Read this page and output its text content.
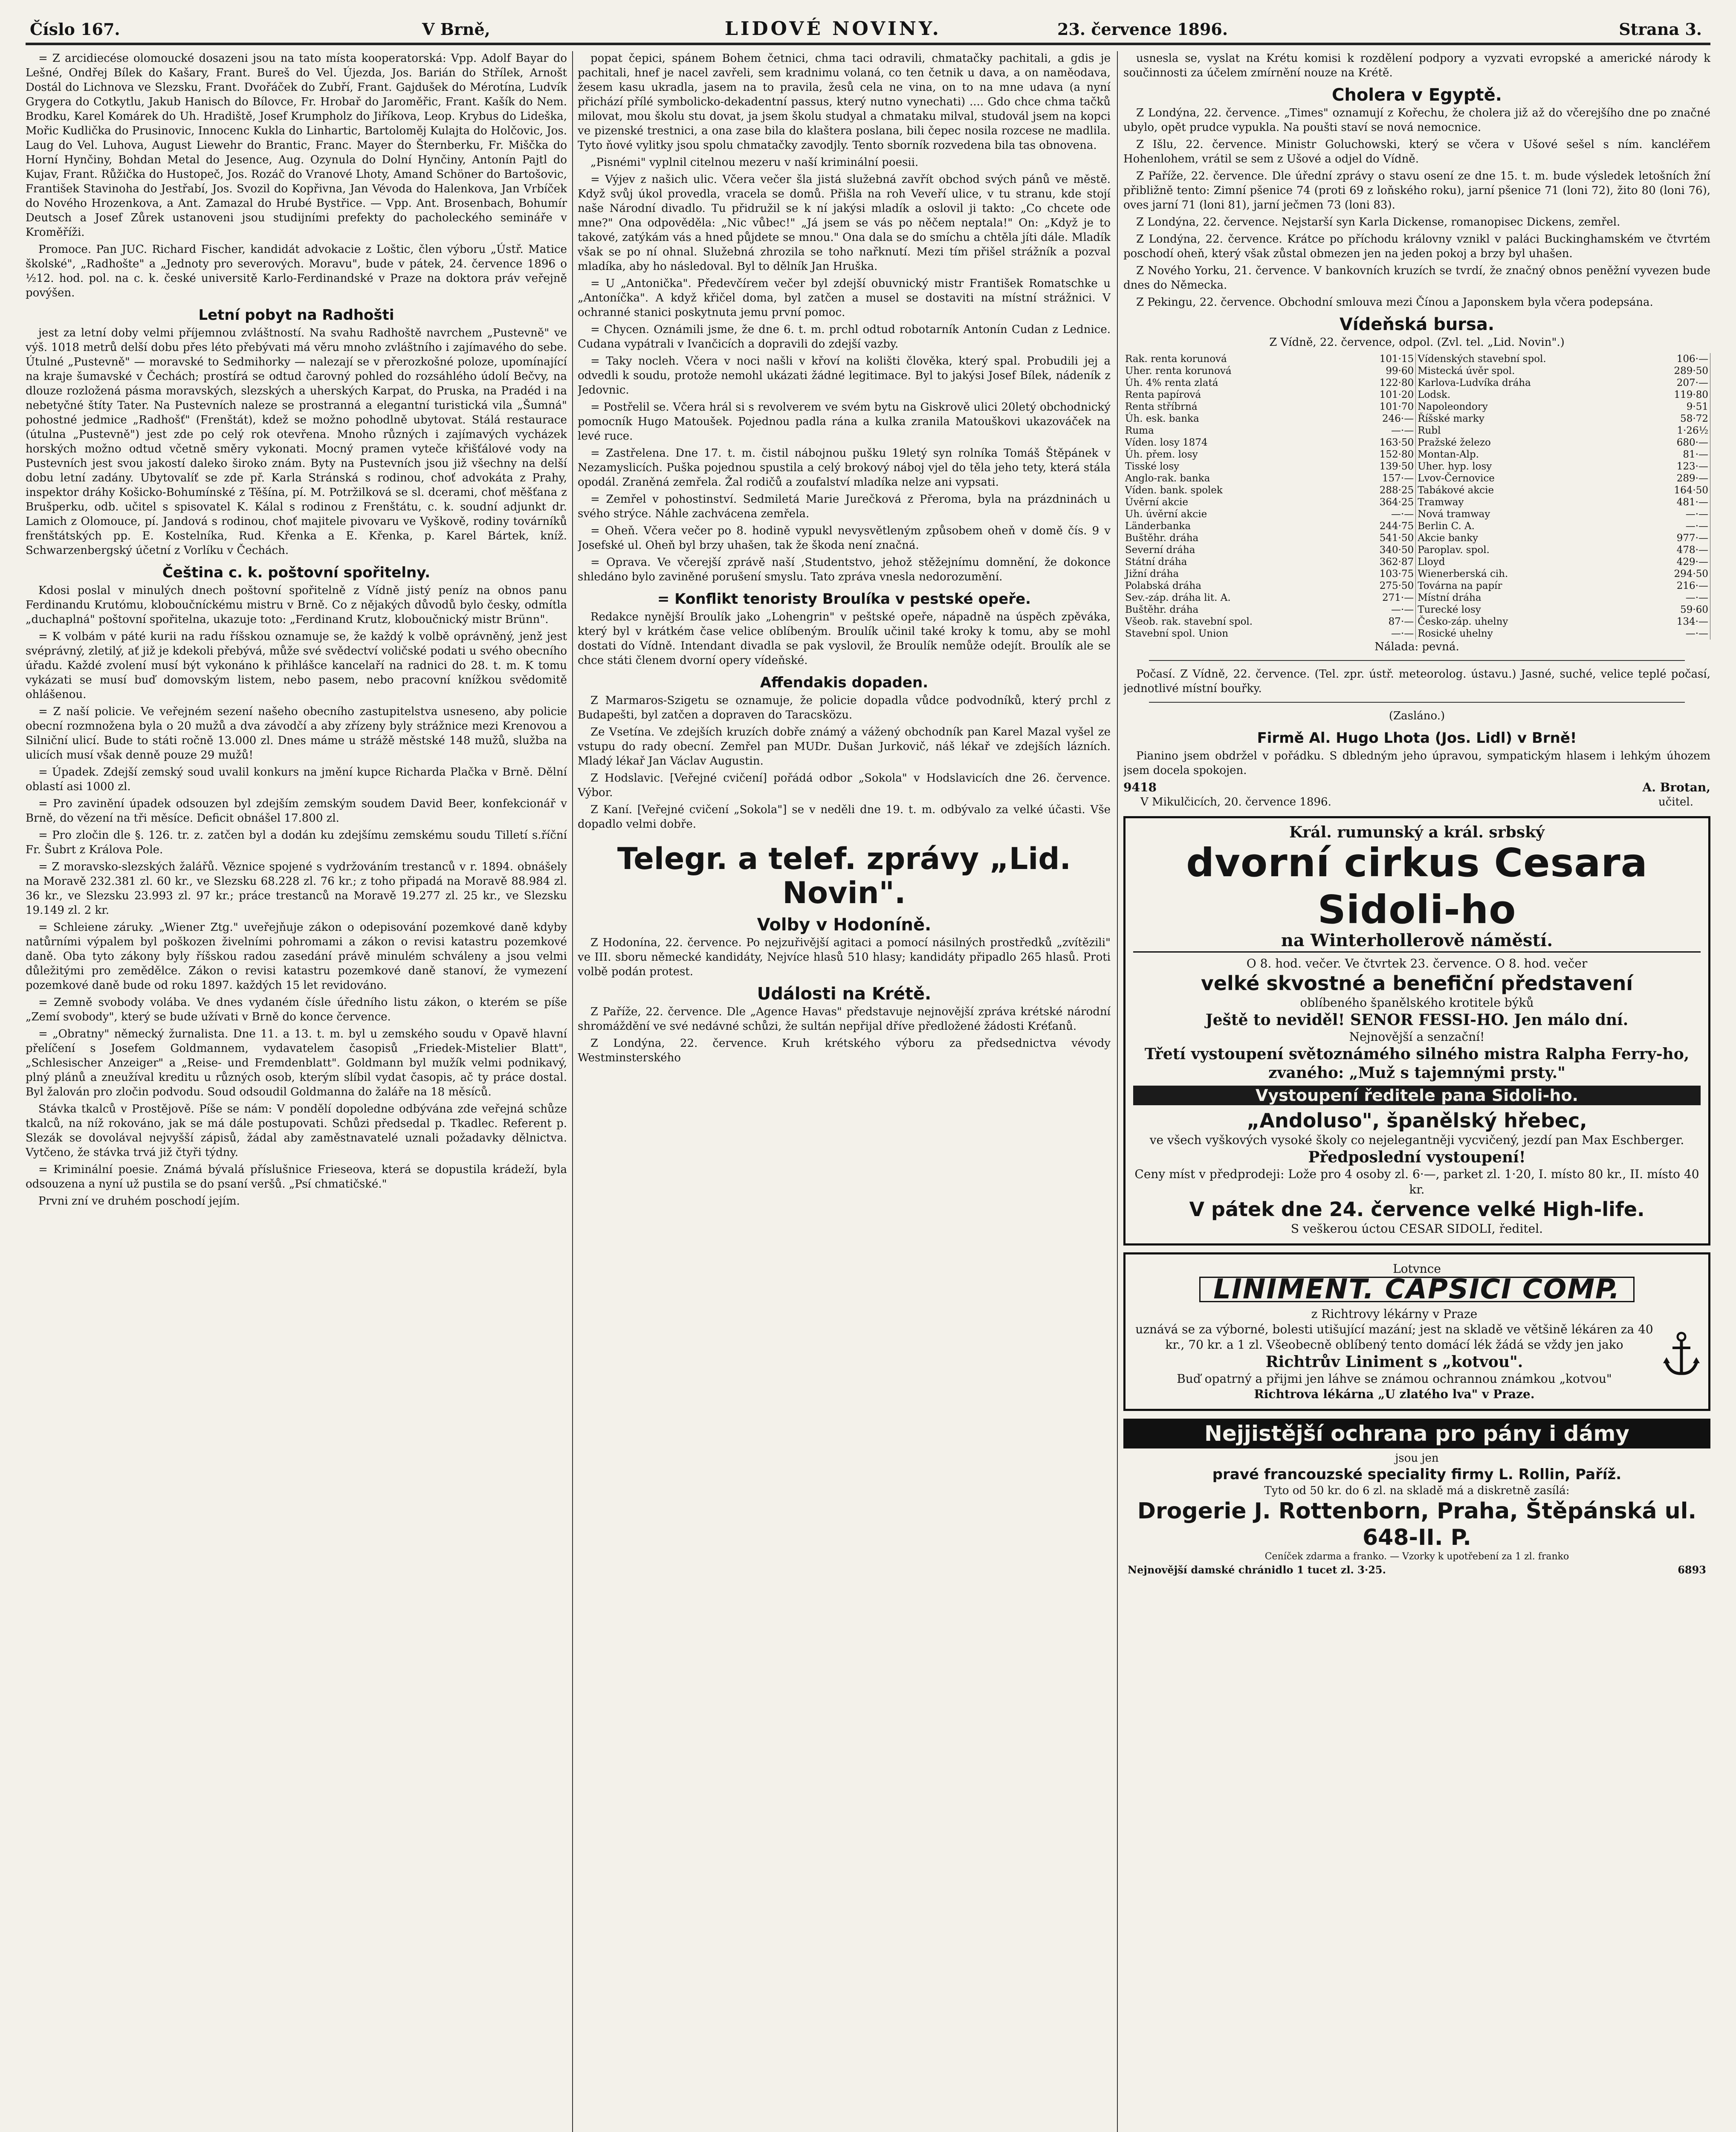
Číslo 167.	V Brně,	LIDOVÉ NOVINY.	23. července 1896.	Strana 3.

= Z arcidiecése olomoucké dosazeni jsou na tato místa kooperatorská: Vpp. Adolf Bayar do Lešné, Ondřej Bílek do Kašary, Frant. Bureš do Vel. Újezda, Jos. Barián do Střílek, Arnošt Dostál do Lichnova ve Slezsku, Frant. Dvořáček do Zubří, Frant. Gajdušek do Mérotína, Ludvík Grygera do Cotkytlu, Jakub Hanisch do Bílovce, Fr. Hrobař do Jaroměřic, Frant. Kašík do Nem. Brodku, Karel Komárek do Uh. Hradiště, Josef Krumpholz do Jiříkova, Leop. Krybus do Lideška, Mořic Kudlička do Prusinovic, Innocenc Kukla do Linhartic, Bartoloměj Kulajta do Holčovic, Jos. Laug do Vel. Luhova, August Liewehr do Brantic, Franc. Mayer do Šternberku, Fr. Miščka do Horní Hynčiny, Bohdan Metal do Jesence, Aug. Ozynula do Dolní Hynčiny, Antonín Pajtl do Kujav, Frant. Růžička do Hustopeč, Jos. Rozáč do Vranové Lhoty, Amand Schöner do Bartošovic, František Stavinoha do Jestřabí, Jos. Svozil do Kopřivna, Jan Vévoda do Halenkova, Jan Vrbíček do Nového Hrozenkova, a Ant. Zamazal do Hrubé Bystřice. — Vpp. Ant. Brosenbach, Bohumír Deutsch a Josef Zůrek ustanoveni jsou studijními prefekty do pacholeckého semináře v Kroměříži.

Promoce. Pan JUC. Richard Fischer, kandidát advokacie z Loštic, člen výboru „Ústř. Matice školské", „Radhošte" a „Jednoty pro severových. Moravu", bude v pátek, 24. července 1896 o ½12. hod. pol. na c. k. české universitě Karlo-Ferdinandské v Praze na doktora práv veřejně povýšen.

Letní pobyt na Radhošti

jest za letní doby velmi příjemnou zvláštností. Na svahu Radhoště navrchem „Pustevně" ve výš. 1018 metrů delší dobu přes léto přebývati má věru mnoho zvláštního i zajímavého do sebe. Útulné „Pustevně" — moravské to Sedmihorky — nalezají se v přerozkošné poloze, upomínající na kraje šumavské v Čechách; prostírá se odtud čarovný pohled do rozsáhlého údolí Bečvy, na dlouze rozložená pásma moravských, slezských a uherských Karpat, do Pruska, na Pradéd i na nebetyčné štíty Tater. Na Pustevních naleze se prostranná a elegantní turistická vila „Šumná" pohostné jedmice „Radhošť" (Frenštát), kdež se možno pohodlně ubytovat. Stálá restaurace (útulna „Pustevně") jest zde po celý rok otevřena. Mnoho různých i zajímavých vycházek horských možno odtud včetně směry vykonati. Mocný pramen vyteče křišťálové vody na Pustevních jest svou jakostí daleko široko znám. Byty na Pustevních jsou již všechny na delší dobu letní zadány. Ubytovalíť se zde př. Karla Stránská s rodinou, choť advokáta z Prahy, inspektor dráhy Košicko-Bohumínské z Těšína, pí. M. Potržilková se sl. dcerami, choť měšťana z Brušperku, odb. učitel s spisovatel K. Kálal s rodinou z Frenštátu, c. k. soudní adjunkt dr. Lamich z Olomouce, pí. Jandová s rodinou, choť majitele pivovaru ve Vyškově, rodiny továrníků frenštátských pp. E. Kostelníka, Rud. Křenka a E. Křenka, p. Karel Bártek, kníž. Schwarzenbergský účetní z Vorlíku v Čechách.

Čeština c. k. poštovní spořitelny.

Kdosi poslal v minulých dnech poštovní spořitelně z Vídně jistý peníz na obnos panu Ferdinandu Krutómu, kloboučníckému mistru v Brně. Co z nějakých důvodů bylo česky, odmítla „duchaplná" poštovní spořitelna, ukazuje toto: „Ferdinand Krutz, kloboučnický mistr Brünn".

= K volbám v páté kurii na radu říšskou oznamuje se, že každý k volbě oprávněný, jenž jest svéprávný, zletilý, ať již je kdekoli přebývá, může své svědectví voličské podati u svého obecního úřadu. Každé zvolení musí být vykonáno k přihlášce kancelaří na radnici do 28. t. m. K tomu vykázati se musí buď domovským listem, nebo pasem, nebo pracovní knížkou svědomitě ohlášenou.

= Z naší policie. Ve veřejném sezení našeho obecního zastupitelstva usneseno, aby policie obecní rozmnožena byla o 20 mužů a dva závodčí a aby zřízeny byly strážnice mezi Krenovou a Silniční ulicí. Bude to státi ročně 13.000 zl. Dnes máme u strážě městské 148 mužů, služba na ulicích musí však denně pouze 29 mužů!

= Úpadek. Zdejší zemský soud uvalil konkurs na jmění kupce Richarda Plačka v Brně. Dělní oblastí asi 1000 zl.

= Pro zavinění úpadek odsouzen byl zdejším zemským soudem David Beer, konfekcionář v Brně, do vězení na tři měsíce. Deficit obnášel 17.800 zl.

= Pro zločin dle §. 126. tr. z. zatčen byl a dodán ku zdejšímu zemskému soudu Tilletí s.říční Fr. Šubrt z Králova Pole.

= Z moravsko-slezských žalářů. Věznice spojené s vydržováním trestanců v r. 1894. obnášely na Moravě 232.381 zl. 60 kr., ve Slezsku 68.228 zl. 76 kr.; z toho připadá na Moravě 88.984 zl. 36 kr., ve Slezsku 23.993 zl. 97 kr.; práce trestanců na Moravě 19.277 zl. 25 kr., ve Slezsku 19.149 zl. 2 kr.

= Schleiene záruky. „Wiener Ztg." uveřejňuje zákon o odepisování pozemkové daně kdyby natůrními výpalem byl poškozen živelními pohromami a zákon o revisi katastru pozemkové daně. Oba tyto zákony byly říšskou radou zasedání právě minulém schváleny a jsou velmi důležitými pro zemědělce. Zákon o revisi katastru pozemkové daně stanoví, že vymezení pozemkové daně bude od roku 1897. každých 15 let revidováno.

= Zemně svobody volába. Ve dnes vydaném čísle úředního listu zákon, o kterém se píše „Zemí svobody", který se bude užívati v Brně do konce července.

= „Obratny" německý žurnalista. Dne 11. a 13. t. m. byl u zemského soudu v Opavě hlavní přelíčení s Josefem Goldmannem, vydavatelem časopisů „Friedek-Mistelier Blatt", „Schlesischer Anzeiger" a „Reise- und Fremdenblatt". Goldmann byl mužík velmi podnikavý, plný plánů a zneužíval kreditu u různých osob, kterým slíbil vydat časopis, ač ty práce dostal. Byl žalován pro zločin podvodu. Soud odsoudil Goldmanna do žaláře na 18 měsíců.

Stávka tkalců v Prostějově. Píše se nám: V pondělí dopoledne odbývána zde veřejná schůze tkalců, na níž rokováno, jak se má dále postupovati. Schůzi předsedal p. Tkadlec. Referent p. Slezák se dovolával nejvyšší zápisů, žádal aby zaměstnavatelé uznali požadavky dělnictva. Vytčeno, že stávka trvá již čtyři týdny.

= Kriminální poesie. Známá bývalá příslušnice Frieseova, která se dopustila krádeží, byla odsouzena a nyní už pustila se do psaní veršů. „Psí chmatičské."

Prvni zní ve druhém poschodí jejím.

popat čepici, spánem Bohem četnici, chma taci odravili, chmatačky pachitali, a gdis je pachitali, hnef je nacel zavřeli, sem kradnimu volaná, co ten četnik u dava, a on naměodava, žesem kasu ukradla, jasem na to pravila, žesů cela ne vina, on to na mne udava (a nyní přichází přílé symbolicko-dekadentní passus, který nutno vynechati) .... Gdo chce chma tačků milovat, mou školu stu dovat, ja jsem školu studyal a chmataku milval, studovál jsem na kopci ve pizenské trestnici, a ona zase bila do klaštera poslana, bili čepec nosila rozcese ne madlila. Tyto ňové vylitky jsou spolu chmatačky zavodjly. Tento sborník rozvedena bila tas obnovena.

„Pisnémi" vyplnil citelnou mezeru v naší kriminální poesii.

= Výjev z našich ulic. Včera večer šla jistá služebná zavřít obchod svých pánů ve městě. Když svůj úkol provedla, vracela se domů. Přišla na roh Veveří ulice, v tu stranu, kde stojí naše Národní divadlo. Tu přidružil se k ní jakýsi mladík a oslovil ji takto: „Co chcete ode mne?" Ona odpověděla: „Nic vůbec!" „Já jsem se vás po něčem neptala!" On: „Když je to takové, zatýkám vás a hned půjdete se mnou." Ona dala se do smíchu a chtěla jíti dále. Mladík však se po ní ohnal. Služebná zhrozila se toho nařknutí. Mezi tím přišel strážník a pozval mladíka, aby ho následoval. Byl to dělník Jan Hruška.

= U „Antonička". Předevčírem večer byl zdejší obuvnický mistr František Romatschke u „Antoníčka". A když křičel doma, byl zatčen a musel se dostaviti na místní strážnici. V ochranné stanici poskytnuta jemu první pomoc.

= Chycen. Oznámili jsme, že dne 6. t. m. prchl odtud robotarník Antonín Cudan z Lednice. Cudana vypátrali v Ivančicích a dopravili do zdejší vazby.

= Taky nocleh. Včera v noci našli v křoví na kolišti člověka, který spal. Probudili jej a odvedli k soudu, protože nemohl ukázati žádné legitimace. Byl to jakýsi Josef Bílek, nádeník z Jedovnic.

= Postřelil se. Včera hrál si s revolverem ve svém bytu na Giskrově ulici 20letý obchodnický pomocník Hugo Matoušek. Pojednou padla rána a kulka zranila Matouškovi ukazováček na levé ruce.

= Zastřelena. Dne 17. t. m. čistil nábojnou pušku 19letý syn rolníka Tomáš Štěpánek v Nezamyslicích. Puška pojednou spustila a celý brokový náboj vjel do těla jeho tety, která stála opodál. Zraněná zemřela. Žal rodičů a zoufalství mladíka nelze ani vypsati.

= Zemřel v pohostinství. Sedmiletá Marie Jurečková z Přeroma, byla na prázdninách u svého strýce. Náhle zachvácena zemřela.

= Oheň. Včera večer po 8. hodině vypukl nevysvětleným způsobem oheň v domě čís. 9 v Josefské ul. Oheň byl brzy uhašen, tak že škoda není značná.

= Oprava. Ve včerejší zprávě naší ,Studentstvo, jehož stěžejnímu domnění, že dokonce shledáno bylo zaviněné porušení smyslu. Tato zpráva vnesla nedorozumění.

= Konflikt tenoristy Broulíka v pestské opeře.

Redakce nynější Broulík jako „Lohengrin" v peštské opeře, nápadně na úspěch zpěváka, který byl v krátkém čase velice oblíbeným. Broulík učinil také kroky k tomu, aby se mohl dostati do Vídně. Intendant divadla se pak vyslovil, že Broulík nemůže odejít. Broulík ale se chce státi členem dvorní opery vídeňské.

Affendakis dopaden.

Z Marmaros-Szigetu se oznamuje, že policie dopadla vůdce podvodníků, který prchl z Budapešti, byl zatčen a dopraven do Taracsközu.

Ze Vsetína. Ve zdejších kruzích dobře známý a vážený obchodník pan Karel Mazal vyšel ze vstupu do rady obecní. Zemřel pan MUDr. Dušan Jurkovič, náš lékař ve zdejších lázních. Mladý lékař Jan Václav Augustin.

Z Hodslavic. [Veřejné cvičení] pořádá odbor „Sokola" v Hodslavicích dne 26. července. Výbor.

Z Kaní. [Veřejné cvičení „Sokola"] se v neděli dne 19. t. m. odbývalo za velké účasti. Vše dopadlo velmi dobře.

Telegr. a telef. zprávy „Lid. Novin".
Volby v Hodoníně.

Z Hodonína, 22. července. Po nejzuřivější agitaci a pomocí násilných prostředků „zvítězili" ve III. sboru německé kandidáty, Nejvíce hlasů 510 hlasy; kandidáty připadlo 265 hlasů. Proti volbě podán protest.

Události na Krétě.

Z Paříže, 22. července. Dle „Agence Havas" představuje nejnovější zpráva krétské národní shromáždění ve své nedávné schůzi, že sultán nepřijal dříve předložené žádosti Kréťanů.

Z Londýna, 22. července. Kruh krétského výboru za předsednictva vévody Westminsterského

usnesla se, vyslat na Krétu komisi k rozdělení podpory a vyzvati evropské a americké národy k součinnosti za účelem zmírnění nouze na Krétě.

Cholera v Egyptě.

Z Londýna, 22. července. „Times" oznamují z Kořechu, že cholera již až do včerejšího dne po značné ubylo, opět prudce vypukla. Na poušti staví se nová nemocnice.

Z Išlu, 22. července. Ministr Goluchowski, který se včera v Ušové sešel s ním. kancléřem Hohenlohem, vrátil se sem z Ušové a odjel do Vídně.

Z Paříže, 22. července. Dle úřední zprávy o stavu osení ze dne 15. t. m. bude výsledek letošních žní přibližně tento: Zimní pšenice 74 (proti 69 z loňského roku), jarní pšenice 71 (loni 72), žito 80 (loni 76), oves jarní 71 (loni 81), jarní ječmen 73 (loni 83).

Z Londýna, 22. července. Nejstarší syn Karla Dickense, romanopisec Dickens, zemřel.

Z Londýna, 22. července. Krátce po příchodu královny vznikl v paláci Buckinghamském ve čtvrtém poschodí oheň, který však zůstal obmezen jen na jeden pokoj a brzy byl uhašen.

Z Nového Yorku, 21. července. V bankovních kruzích se tvrdí, že značný obnos peněžní vyvezen bude dnes do Německa.

Z Pekingu, 22. července. Obchodní smlouva mezi Čínou a Japonskem byla včera podepsána.

Vídeňská bursa.
Z Vídně, 22. července, odpol. (Zvl. tel. „Lid. Novin".)
Rak. renta korunová	101·15	Vídenských stavební spol.	106·—
Uher. renta korunová	99·60	Mistecká úvěr spol.	289·50
Úh. 4% renta zlatá	122·80	Karlova-Ludvíka dráha	207·—
Renta papírová	101·20	Lodsk.	119·80
Renta stříbrná	101·70	Napoleondory	9·51
Úh. esk. banka	246·—	Říšské marky	58·72
Ruma	—·—	Rubl	1·26½
Víden. losy 1874	163·50	Pražské železo	680·—
Úh. přem. losy	152·80	Montan-Alp.	81·—
Tisské losy	139·50	Uher. hyp. losy	123·—
Anglo-rak. banka	157·—	Lvov-Černovice	289·—
Víden. bank. spolek	288·25	Tabákové akcie	164·50
Úvěrní akcie	364·25	Tramway	481·—
Uh. úvěrní akcie	—·—	Nová tramway	—·—
Länderbanka	244·75	Berlin C. A.	—·—
Buštěhr. dráha	541·50	Akcie banky	977·—
Severní dráha	340·50	Paroplav. spol.	478·—
Státní dráha	362·87	Lloyd	429·—
Jižní dráha	103·75	Wienerberská cih.	294·50
Polabská dráha	275·50	Továrna na papír	216·—
Sev.-záp. dráha lit. A.	271·—	Místní dráha	—·—
Buštěhr. dráha	—·—	Turecké losy	59·60
Všeob. rak. stavební spol.	87·—	Česko-záp. uhelny	134·—
Stavební spol. Union	—·—	Rosické uhelny	—·—
Nálada: pevná.

Počasí. Z Vídně, 22. července. (Tel. zpr. ústř. meteorolog. ústavu.) Jasné, suché, velice teplé počasí, jednotlivé místní bouřky.

(Zasláno.)
Firmě Al. Hugo Lhota (Jos. Lidl) v Brně!

Pianino jsem obdržel v pořádku. S dbledným jeho úpravou, sympatickým hlasem i lehkým úhozem jsem docela spokojen.

9418	A. Brotan,
V Mikulčicích, 20. července 1896.	učitel.
Král. rumunský a král. srbský
dvorní cirkus Cesara Sidoli-ho
na Winterhollerově náměstí.
O 8. hod. večer. Ve čtvrtek 23. července. O 8. hod. večer
velké skvostné a benefiční představení
oblíbeného španělského krotitele býků
Ještě to neviděl! SENOR FESSI-HO. Jen málo dní.
Nejnovější a senzační!
Třetí vystoupení světoznámého silného mistra Ralpha Ferry-ho, zvaného: „Muž s tajemnými prsty."
Vystoupení ředitele pana Sidoli-ho.
„Andoluso", španělský hřebec,
ve všech vyškových vysoké školy co nejelegantněji vycvičený, jezdí pan Max Eschberger.
Předposlední vystoupení!
Ceny míst v předprodeji: Lože pro 4 osoby zl. 6·—, parket zl. 1·20, I. místo 80 kr., II. místo 40 kr.
V pátek dne 24. července velké High-life.
S veškerou úctou CESAR SIDOLI, ředitel.
Lotvnce
LINIMENT. CAPSICI COMP.
z Richtrovy lékárny v Praze
uznává se za výborné, bolesti utišující mazání; jest na skladě ve většině lékáren za 40 kr., 70 kr. a 1 zl. Všeobecně oblíbený tento domácí lék žádá se vždy jen jako
Richtrův Liniment s „kotvou".
Buď opatrný a přijmi jen láhve se známou ochrannou známkou „kotvou"
Richtrova lékárna „U zlatého lva" v Praze.
Nejjistější ochrana pro pány i dámy
jsou jen
pravé francouzské speciality firmy L. Rollin, Paříž.
Tyto od 50 kr. do 6 zl. na skladě má a diskretně zasílá:
Drogerie J. Rottenborn, Praha, Štěpánská ul. 648-II. P.
Ceníček zdarma a franko. — Vzorky k upotřebení za 1 zl. franko
Nejnovější damské chránidlo 1 tucet zl. 3·25.	6893
